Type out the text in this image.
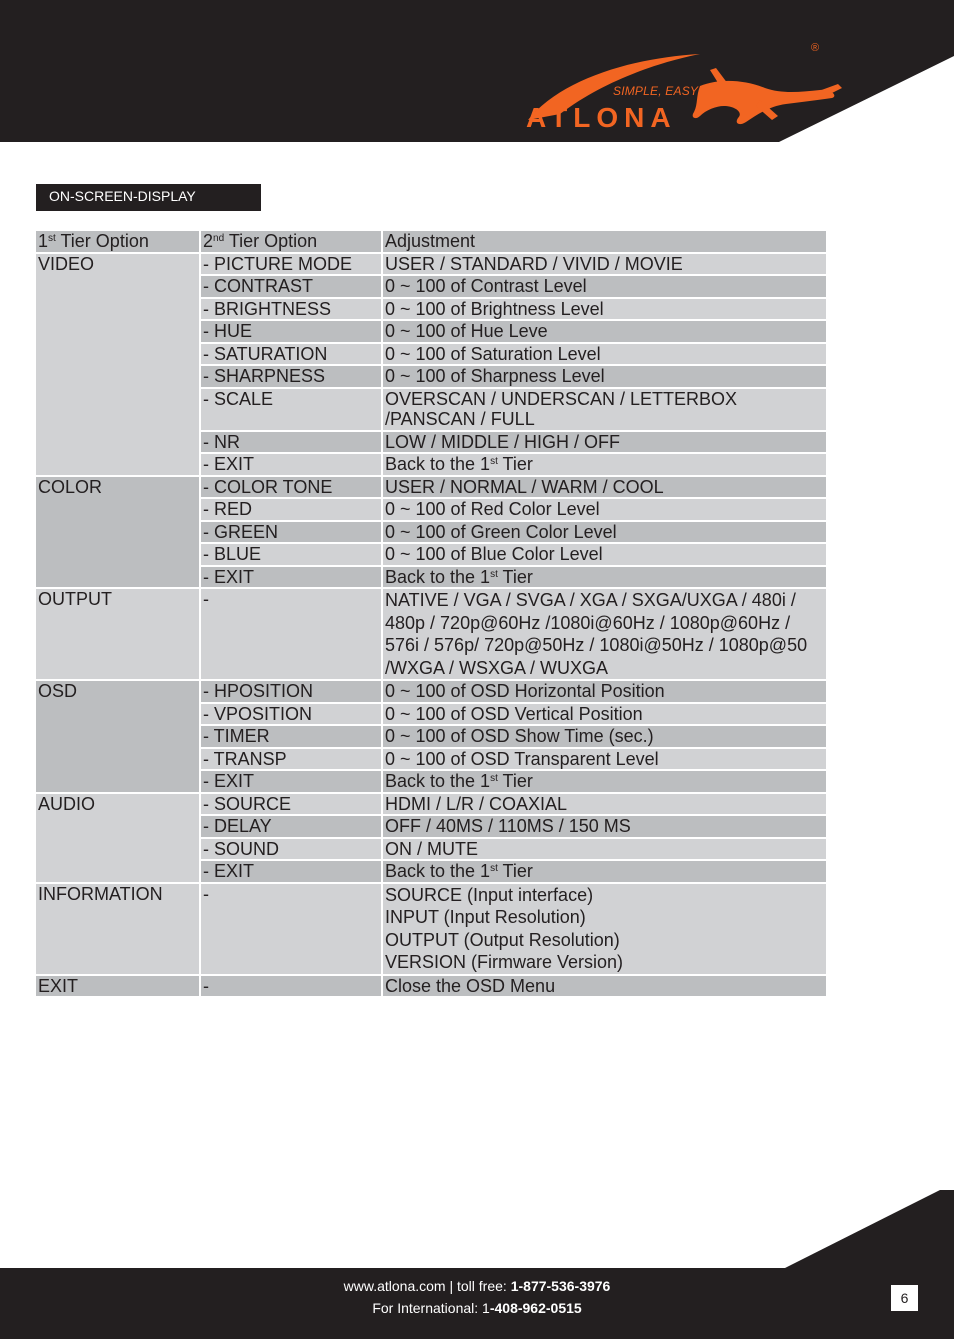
SIMPLE, EASY
ATLONA
®
ON-SCREEN-DISPLAY
1st Tier Option	2nd Tier Option	Adjustment
VIDEO	- PICTURE MODE	USER / STANDARD / VIVID / MOVIE
	- CONTRAST	0 ~ 100 of Contrast Level
	- BRIGHTNESS	0 ~ 100 of Brightness Level
	- HUE	0 ~ 100 of Hue Leve
	- SATURATION	0 ~ 100 of Saturation Level
	- SHARPNESS	0 ~ 100 of Sharpness Level
	- SCALE	OVERSCAN / UNDERSCAN / LETTERBOX
/PANSCAN / FULL
	- NR	LOW / MIDDLE / HIGH / OFF
	- EXIT	Back to the 1st Tier
COLOR	- COLOR TONE	USER / NORMAL / WARM / COOL
	- RED	0 ~ 100 of Red Color Level
	- GREEN	0 ~ 100 of Green Color Level
	- BLUE	0 ~ 100 of Blue Color Level
	- EXIT	Back to the 1st Tier
OUTPUT	-	NATIVE / VGA / SVGA / XGA / SXGA/UXGA / 480i /
480p / 720p@60Hz /1080i@60Hz / 1080p@60Hz /
576i / 576p/ 720p@50Hz / 1080i@50Hz / 1080p@50
/WXGA / WSXGA / WUXGA
OSD	- HPOSITION	0 ~ 100 of OSD Horizontal Position
	- VPOSITION	0 ~ 100 of OSD Vertical Position
	- TIMER	0 ~ 100 of OSD Show Time (sec.)
	- TRANSP	0 ~ 100 of OSD Transparent Level
	- EXIT	Back to the 1st Tier
AUDIO	- SOURCE	HDMI / L/R / COAXIAL
	- DELAY	OFF / 40MS / 110MS / 150 MS
	- SOUND	ON / MUTE
	- EXIT	Back to the 1st Tier
INFORMATION	-	SOURCE (Input interface)
INPUT (Input Resolution)
OUTPUT (Output Resolution)
VERSION (Firmware Version)
EXIT	-	Close the OSD Menu
www.atlona.com | toll free: 1-877-536-3976
For International: 1-408-962-0515
6
